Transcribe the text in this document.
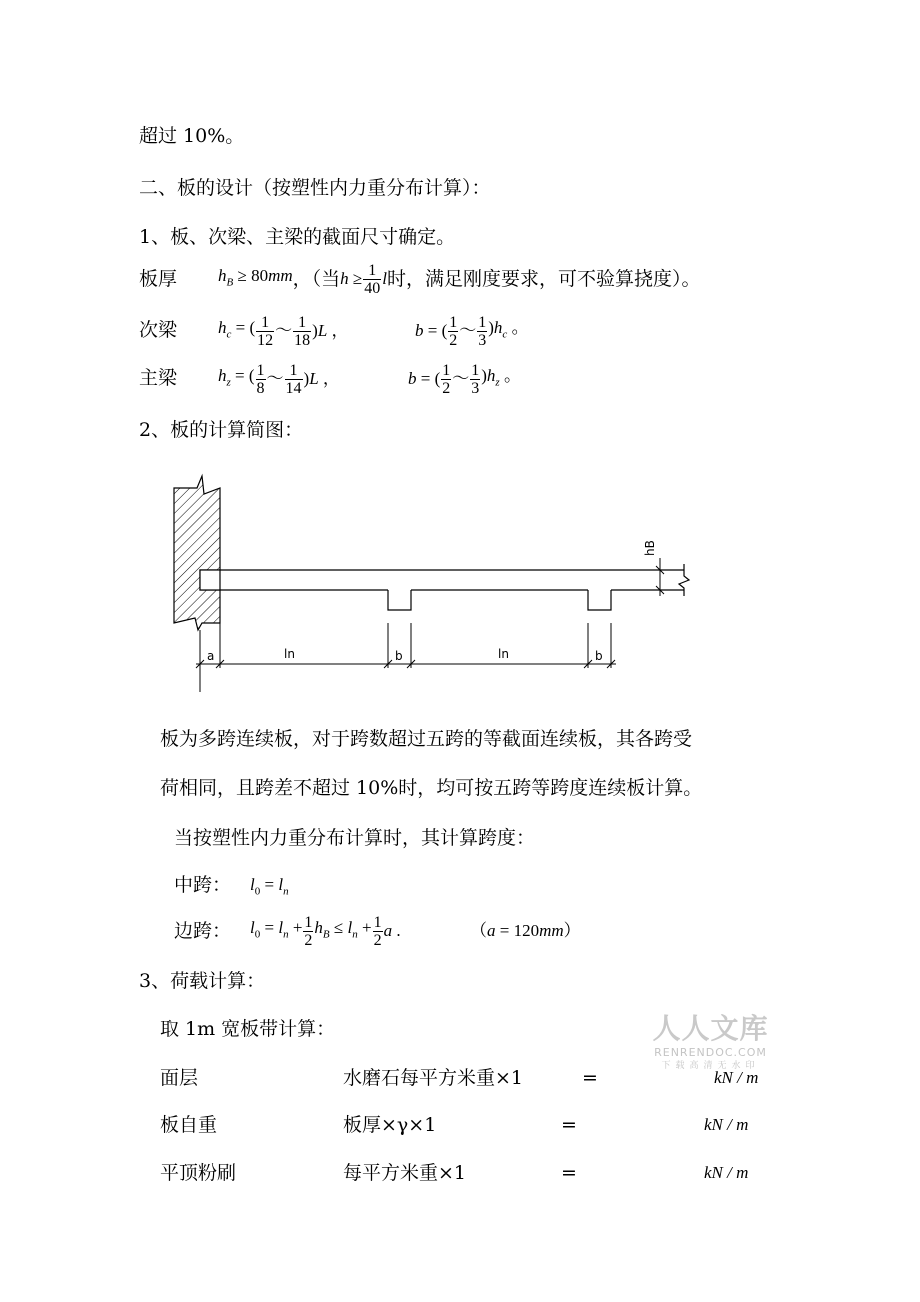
超过 10%。
二、板的设计（按塑性内力重分布计算）：
1、板、次梁、主梁的截面尺寸确定。
板厚 $h_B \ge 80mm$ ，（当 $h \ge \frac{1}{40}$ l 时，满足刚度要求，可不验算挠度）。
次梁 $h_c$ = ( $\frac{1}{12}$ ～ $\frac{1}{18} )L$ ，	b = ( $\frac{1}{2}$ ～ $\frac{1}{3} )h_c$ 。
主梁 $h_z$ = ( $\frac{1}{8}$ ～ $\frac{1}{14} )L$ ，	b = ( $\frac{1}{2}$ ～ $\frac{1}{3} )h_z$ 。
2、板的计算简图：
hB
a	ln	b	ln	b
板为多跨连续板，对于跨数超过五跨的等截面连续板，其各跨受
荷相同，且跨差不超过 10%时，均可按五跨等跨度连续板计算。
当按塑性内力重分布计算时，其计算跨度：
中跨： $l_0 = l_n$
边跨： $l_0 = l_n + \frac{1}{2} h_B \le l_n + \frac{1}{2}$ a .	（a = 120mm）
3、荷载计算：
取 1m 宽板带计算：	人人文库
RENRENDOC.COM
下载高清无水印
面层	水磨石每平方米重×1	=	kN / m
板自重	板厚×γ×1	=	kN / m
平顶粉刷	每平方米重×1	=	kN / m
